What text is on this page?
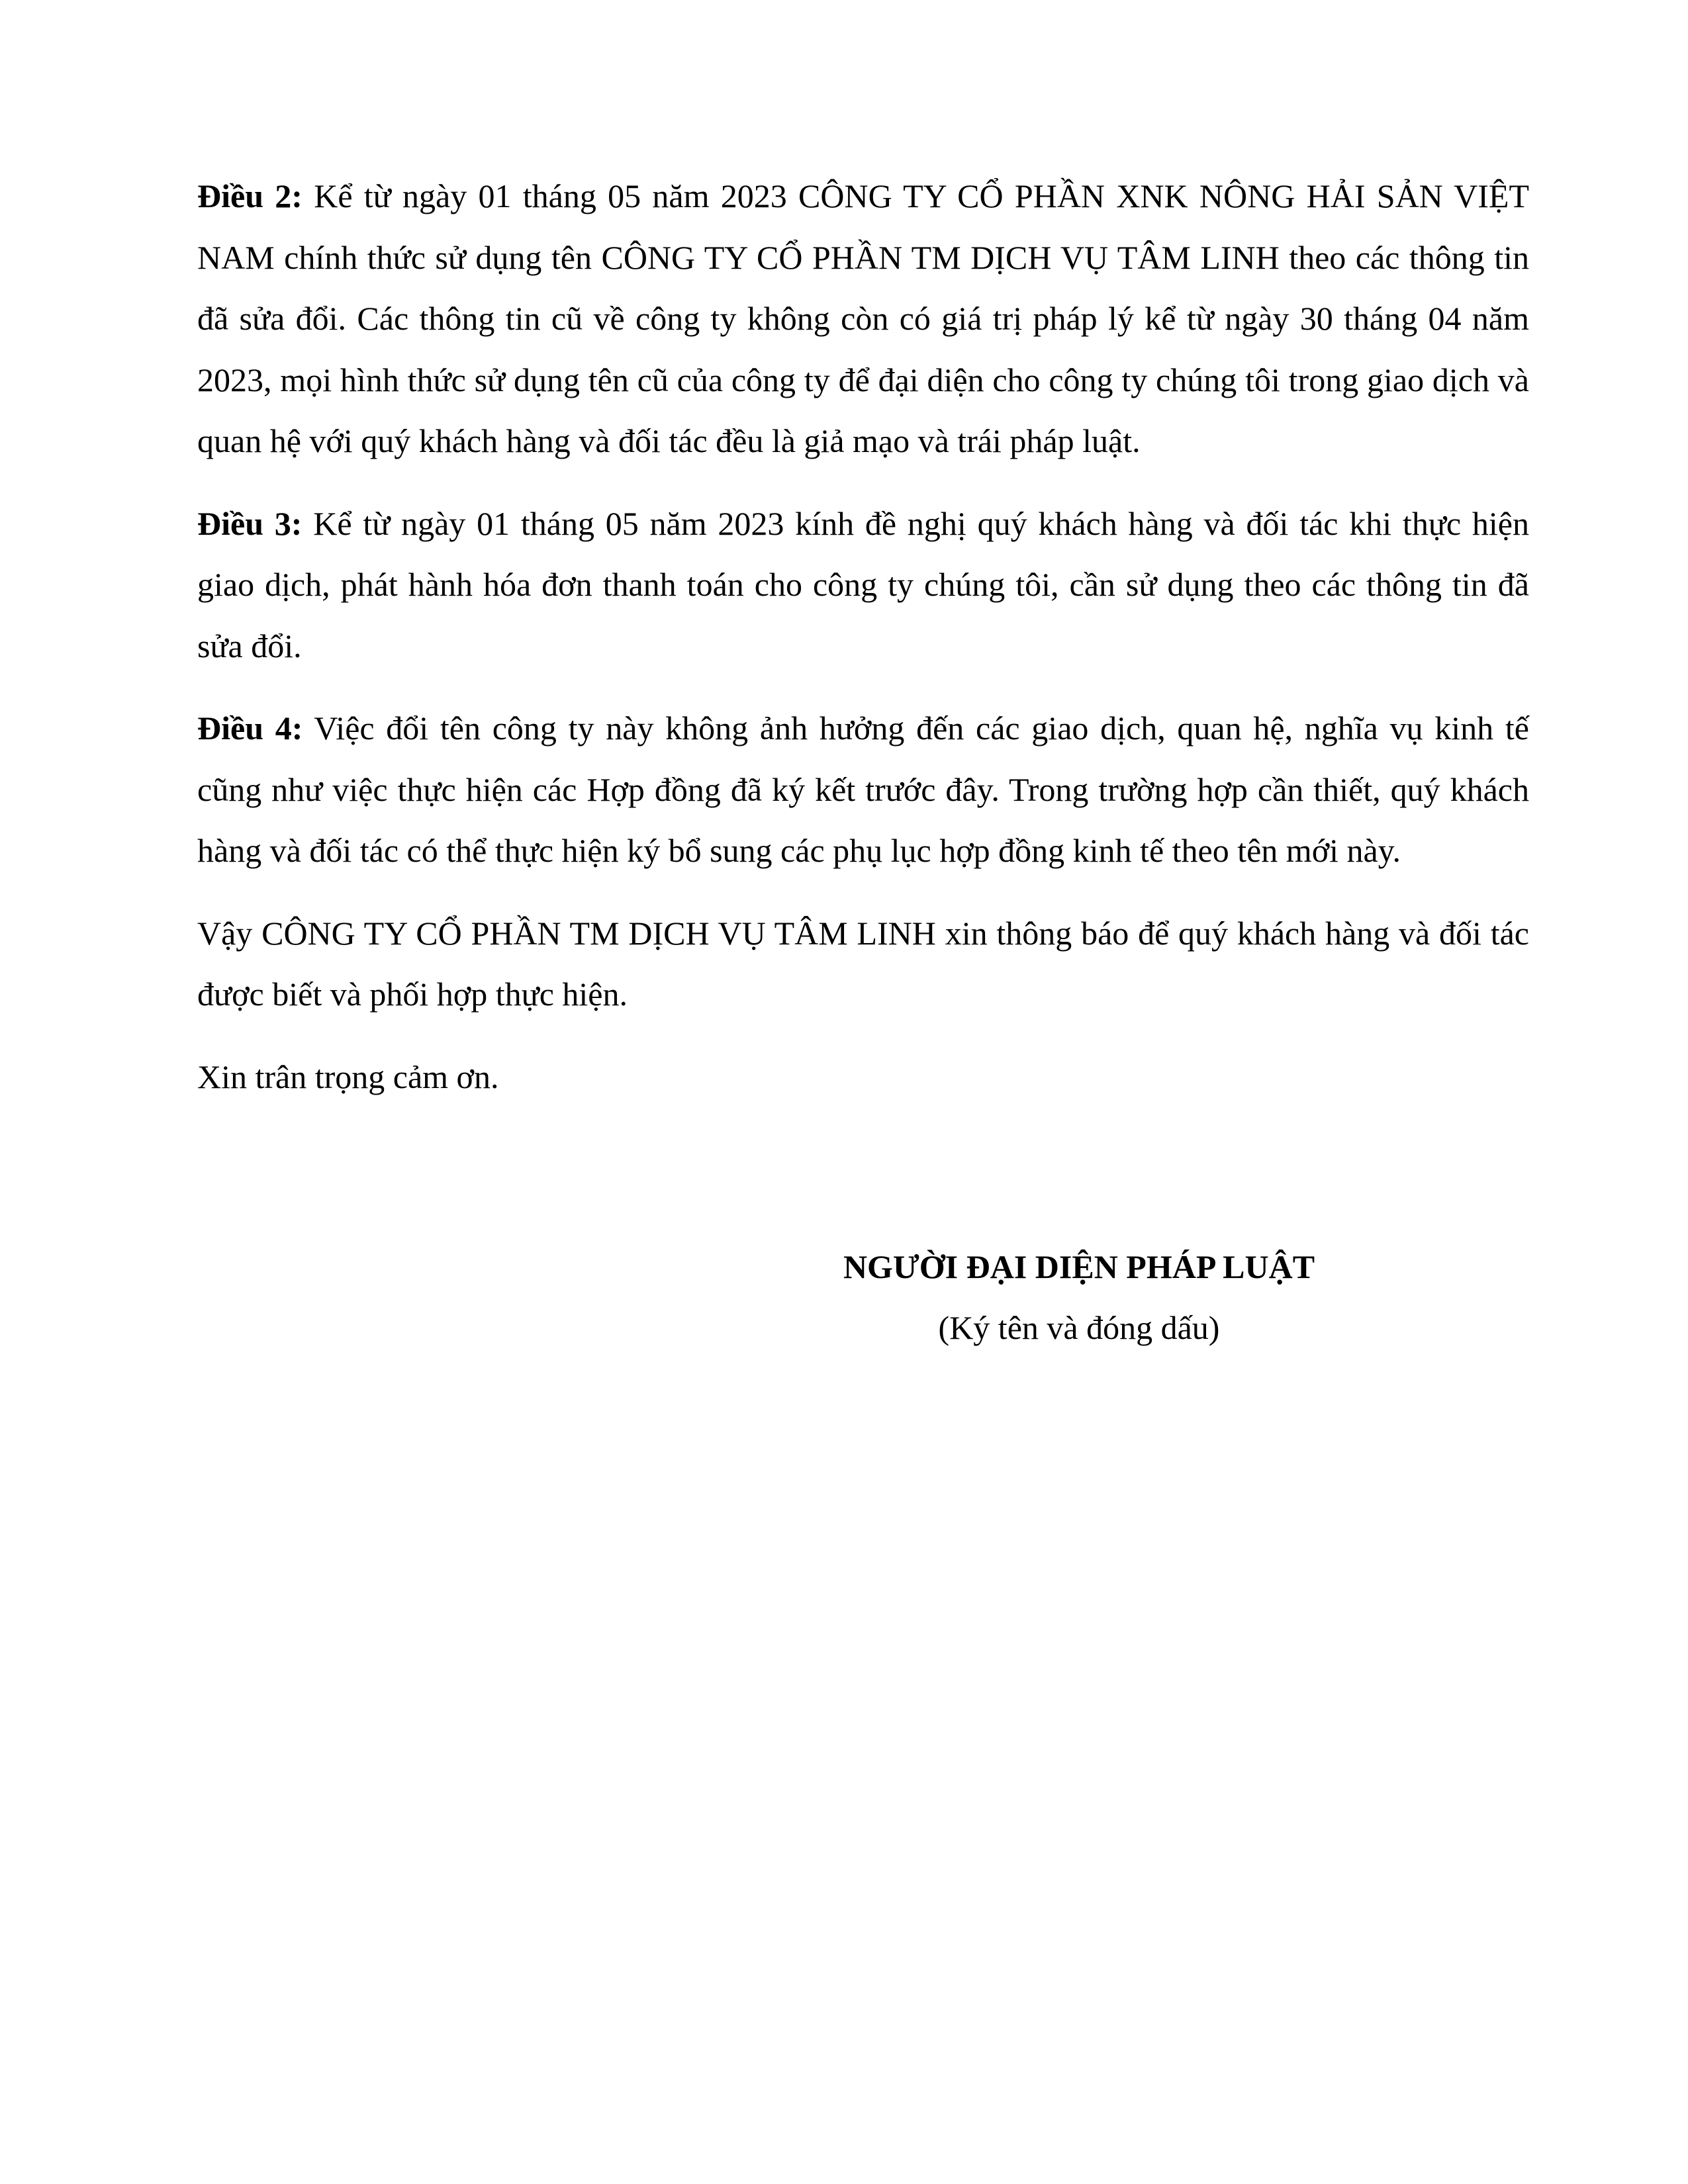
Điều 2: Kể từ ngày 01 tháng 05 năm 2023 CÔNG TY CỔ PHẦN XNK NÔNG HẢI SẢN VIỆT NAM chính thức sử dụng tên CÔNG TY CỔ PHẦN TM DỊCH VỤ TÂM LINH theo các thông tin đã sửa đổi. Các thông tin cũ về công ty không còn có giá trị pháp lý kể từ ngày 30 tháng 04 năm 2023, mọi hình thức sử dụng tên cũ của công ty để đại diện cho công ty chúng tôi trong giao dịch và quan hệ với quý khách hàng và đối tác đều là giả mạo và trái pháp luật.

Điều 3: Kể từ ngày 01 tháng 05 năm 2023 kính đề nghị quý khách hàng và đối tác khi thực hiện giao dịch, phát hành hóa đơn thanh toán cho công ty chúng tôi, cần sử dụng theo các thông tin đã sửa đổi.

Điều 4: Việc đổi tên công ty này không ảnh hưởng đến các giao dịch, quan hệ, nghĩa vụ kinh tế cũng như việc thực hiện các Hợp đồng đã ký kết trước đây. Trong trường hợp cần thiết, quý khách hàng và đối tác có thể thực hiện ký bổ sung các phụ lục hợp đồng kinh tế theo tên mới này.

Vậy CÔNG TY CỔ PHẦN TM DỊCH VỤ TÂM LINH xin thông báo để quý khách hàng và đối tác được biết và phối hợp thực hiện.

Xin trân trọng cảm ơn.

NGƯỜI ĐẠI DIỆN PHÁP LUẬT

(Ký tên và đóng dấu)
